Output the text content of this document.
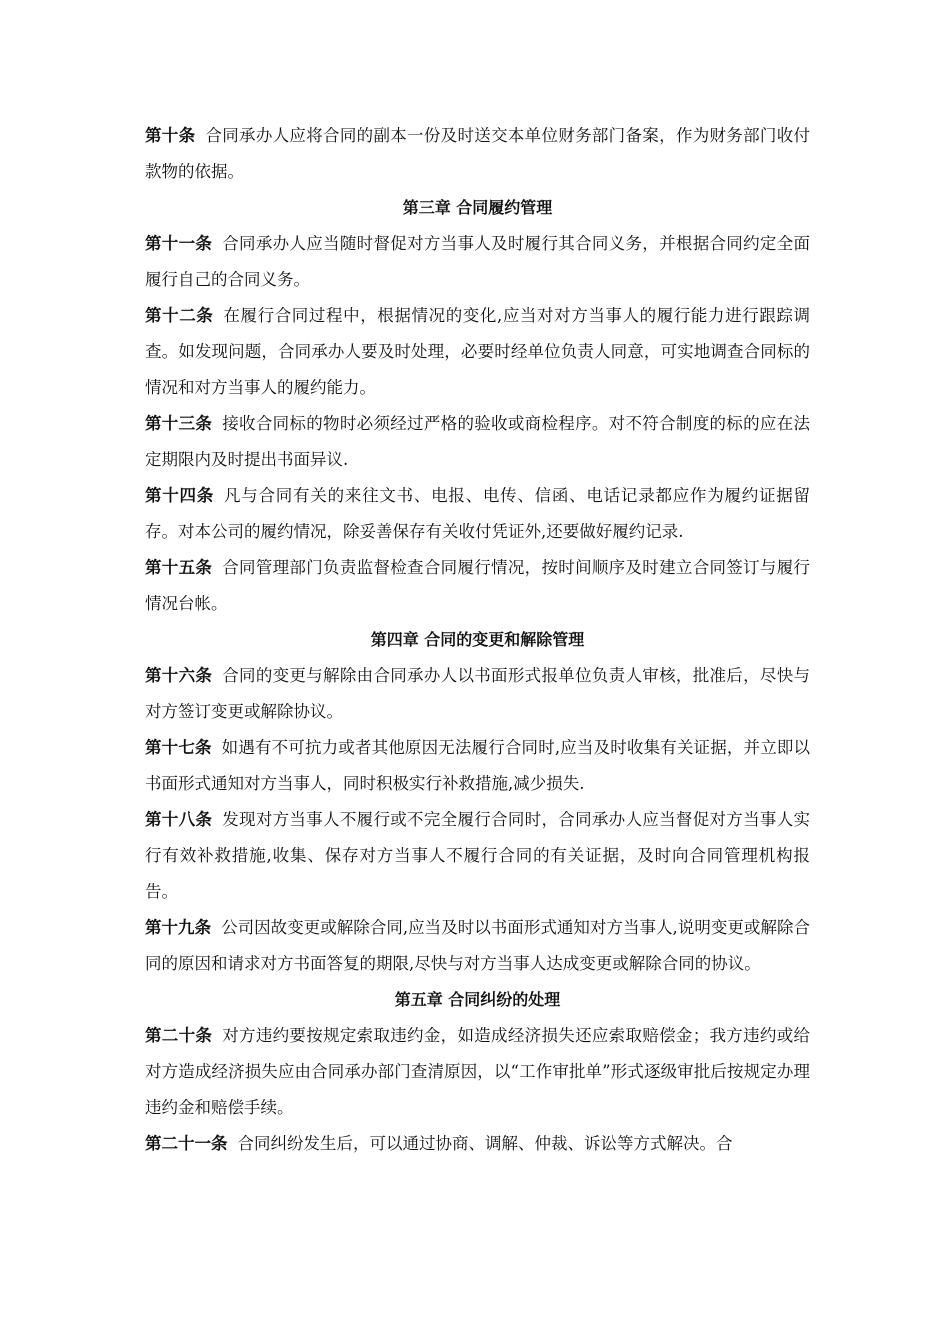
第十条 合同承办人应将合同的副本一份及时送交本单位财务部门备案，作为财务部门收付款物的依据。

第三章 合同履约管理

第十一条 合同承办人应当随时督促对方当事人及时履行其合同义务，并根据合同约定全面履行自己的合同义务。

第十二条 在履行合同过程中，根据情况的变化,应当对对方当事人的履行能力进行跟踪调查。如发现问题，合同承办人要及时处理，必要时经单位负责人同意，可实地调查合同标的情况和对方当事人的履约能力。

第十三条 接收合同标的物时必须经过严格的验收或商检程序。对不符合制度的标的应在法定期限内及时提出书面异议.

第十四条 凡与合同有关的来往文书、电报、电传、信函、电话记录都应作为履约证据留存。对本公司的履约情况，除妥善保存有关收付凭证外,还要做好履约记录.

第十五条 合同管理部门负责监督检查合同履行情况，按时间顺序及时建立合同签订与履行情况台帐。

第四章 合同的变更和解除管理

第十六条 合同的变更与解除由合同承办人以书面形式报单位负责人审核，批准后，尽快与对方签订变更或解除协议。

第十七条 如遇有不可抗力或者其他原因无法履行合同时,应当及时收集有关证据，并立即以书面形式通知对方当事人，同时积极实行补救措施,减少损失.

第十八条 发现对方当事人不履行或不完全履行合同时，合同承办人应当督促对方当事人实行有效补救措施,收集、保存对方当事人不履行合同的有关证据，及时向合同管理机构报告。

第十九条 公司因故变更或解除合同,应当及时以书面形式通知对方当事人,说明变更或解除合同的原因和请求对方书面答复的期限,尽快与对方当事人达成变更或解除合同的协议。

第五章 合同纠纷的处理

第二十条 对方违约要按规定索取违约金，如造成经济损失还应索取赔偿金；我方违约或给对方造成经济损失应由合同承办部门查清原因，以“工作审批单”形式逐级审批后按规定办理违约金和赔偿手续。

第二十一条 合同纠纷发生后，可以通过协商、调解、仲裁、诉讼等方式解决。合
